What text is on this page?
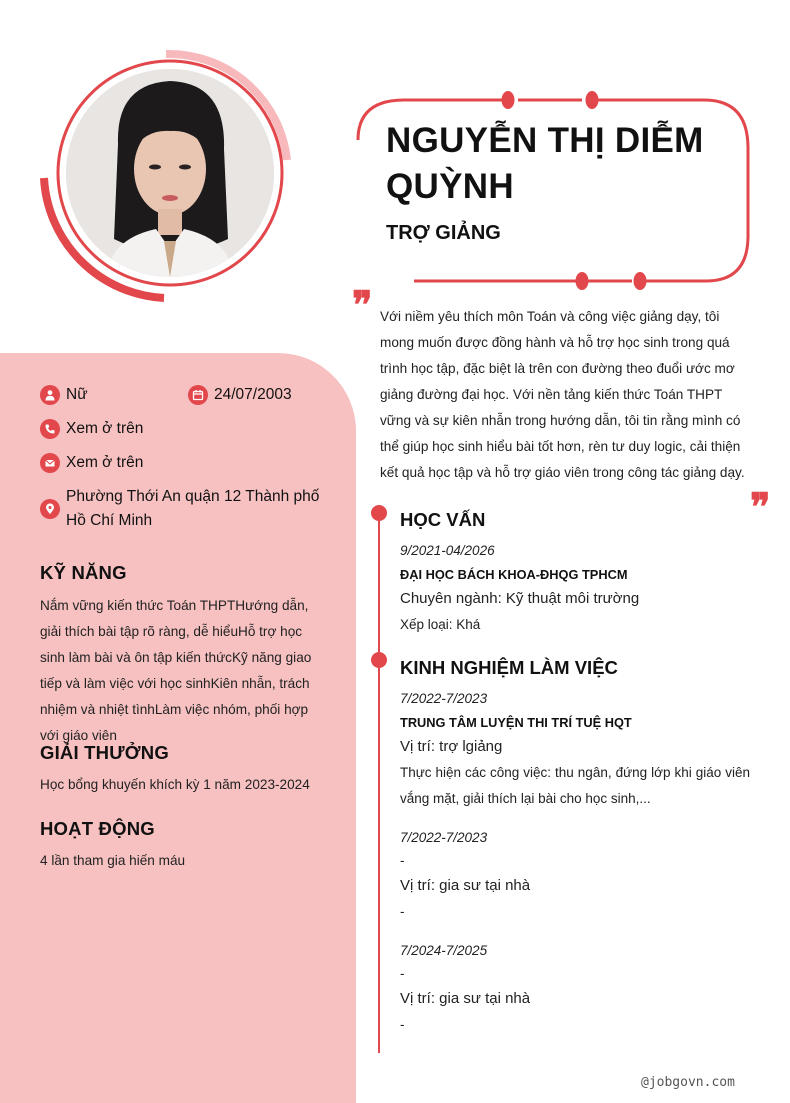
NGUYỄN THỊ DIỄM QUỲNH
TRỢ GIẢNG
❞
❞
Với niềm yêu thích môn Toán và công việc giảng dạy, tôi mong muốn được đồng hành và hỗ trợ học sinh trong quá trình học tập, đặc biệt là trên con đường theo đuổi ước mơ giảng đường đại học. Với nền tảng kiến thức Toán THPT vững và sự kiên nhẫn trong hướng dẫn, tôi tin rằng mình có thể giúp học sinh hiểu bài tốt hơn, rèn tư duy logic, cải thiện kết quả học tập và hỗ trợ giáo viên trong công tác giảng dạy.
Nữ	24/07/2003
Xem ở trên
Xem ở trên
Phường Thới An quận 12 Thành phố Hồ Chí Minh
KỸ NĂNG
Nắm vững kiến thức Toán THPTHướng dẫn, giải thích bài tập rõ ràng, dễ hiểuHỗ trợ học sinh làm bài và ôn tập kiến thứcKỹ năng giao tiếp và làm việc với học sinhKiên nhẫn, trách nhiệm và nhiệt tìnhLàm việc nhóm, phối hợp với giáo viên
GIẢI THƯỞNG
Học bổng khuyến khích kỳ 1 năm 2023-2024
HOẠT ĐỘNG
4 lần tham gia hiến máu
HỌC VẤN
9/2021-04/2026
ĐẠI HỌC BÁCH KHOA-ĐHQG TPHCM
Chuyên ngành: Kỹ thuật môi trường
Xếp loại: Khá
KINH NGHIỆM LÀM VIỆC
7/2022-7/2023
TRUNG TÂM LUYỆN THI TRÍ TUỆ HQT
Vị trí: trợ lgiảng
Thực hiện các công việc: thu ngân, đứng lớp khi giáo viên vắng mặt, giải thích lại bài cho học sinh,...
7/2022-7/2023
-
Vị trí: gia sư tại nhà
-
7/2024-7/2025
-
Vị trí: gia sư tại nhà
-
@jobgovn.com
